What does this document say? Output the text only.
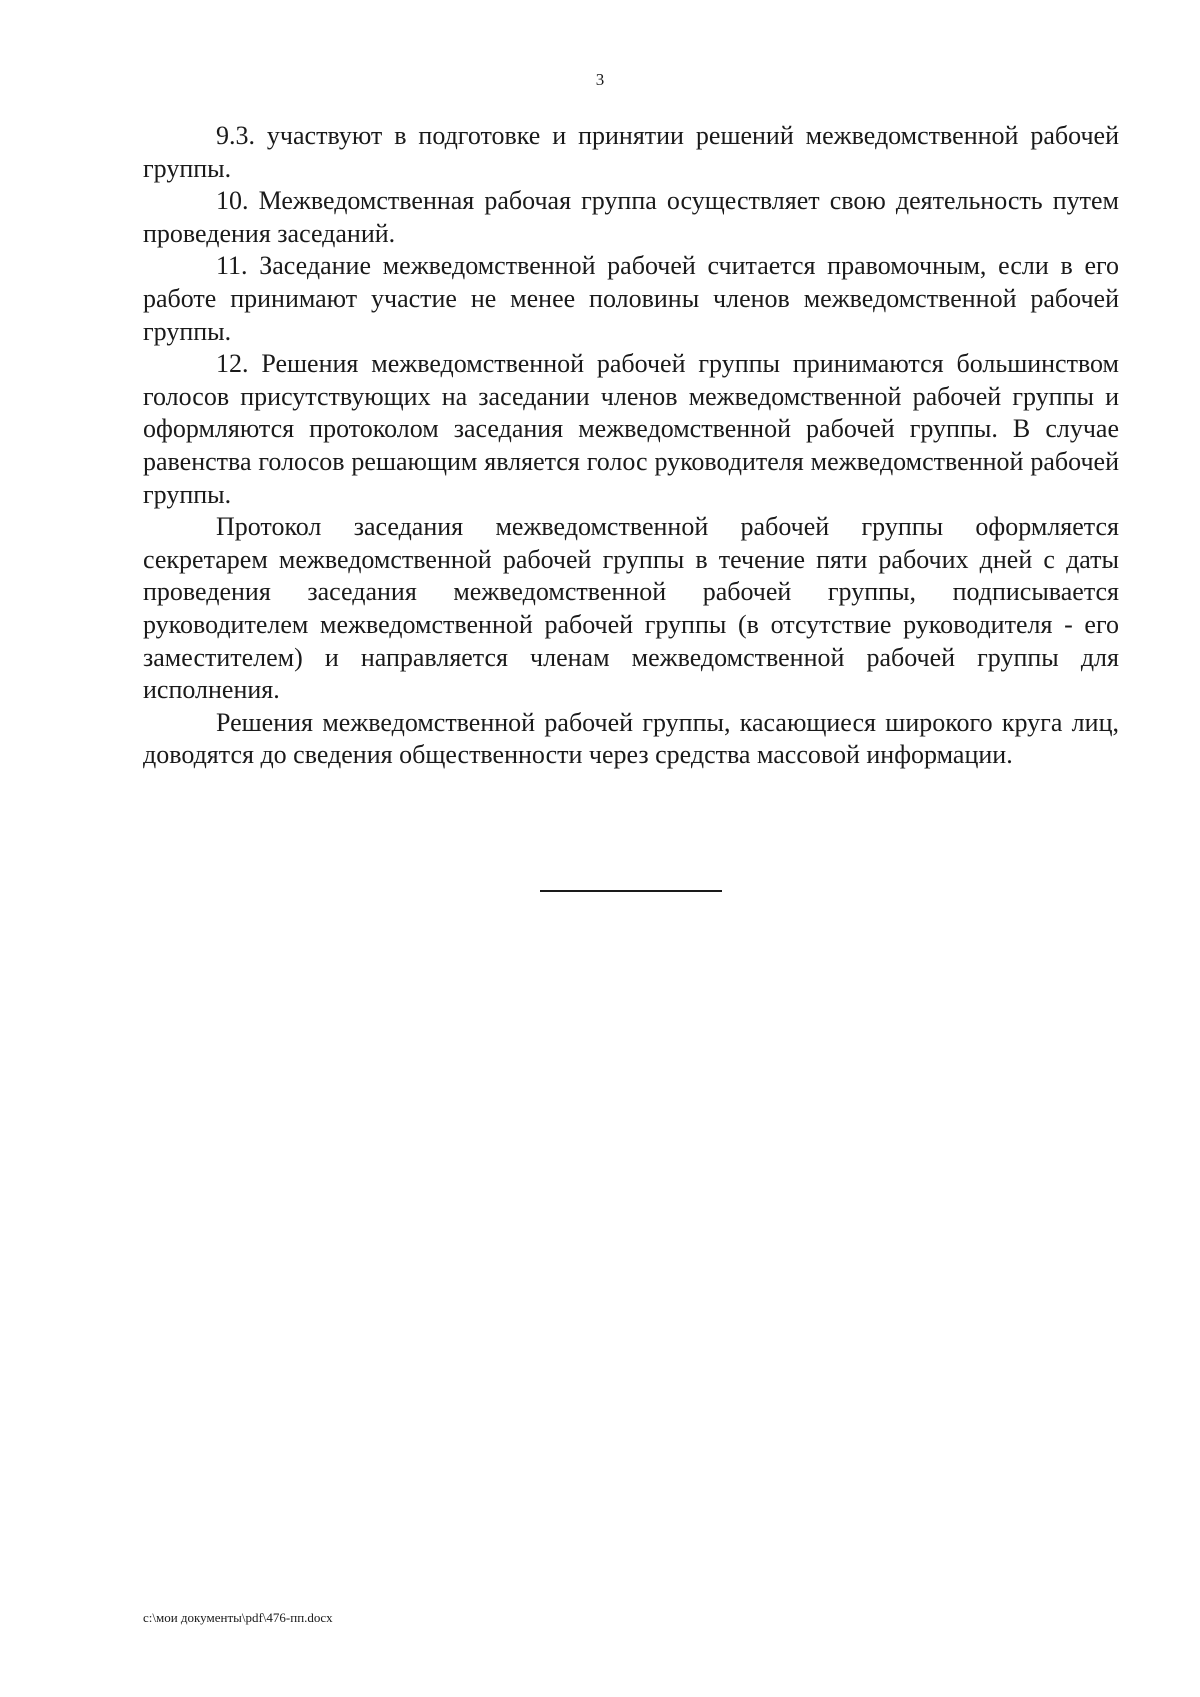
3

9.3. участвуют в подготовке и принятии решений межведомственной рабочей группы.

10. Межведомственная рабочая группа осуществляет свою деятельность путем проведения заседаний.

11. Заседание межведомственной рабочей считается правомочным, если в его работе принимают участие не менее половины членов межведомственной рабочей группы.

12. Решения межведомственной рабочей группы принимаются большинством голосов присутствующих на заседании членов межведомственной рабочей группы и оформляются протоколом заседания межведомственной рабочей группы. В случае равенства голосов решающим является голос руководителя межведомственной рабочей группы.

Протокол заседания межведомственной рабочей группы оформляется секретарем межведомственной рабочей группы в течение пяти рабочих дней с даты проведения заседания межведомственной рабочей группы, подписывается руководителем межведомственной рабочей группы (в отсутствие руководителя - его заместителем) и направляется членам межведомственной рабочей группы для исполнения.

Решения межведомственной рабочей группы, касающиеся широкого круга лиц, доводятся до сведения общественности через средства массовой информации.

c:\мои документы\pdf\476-пп.docx
